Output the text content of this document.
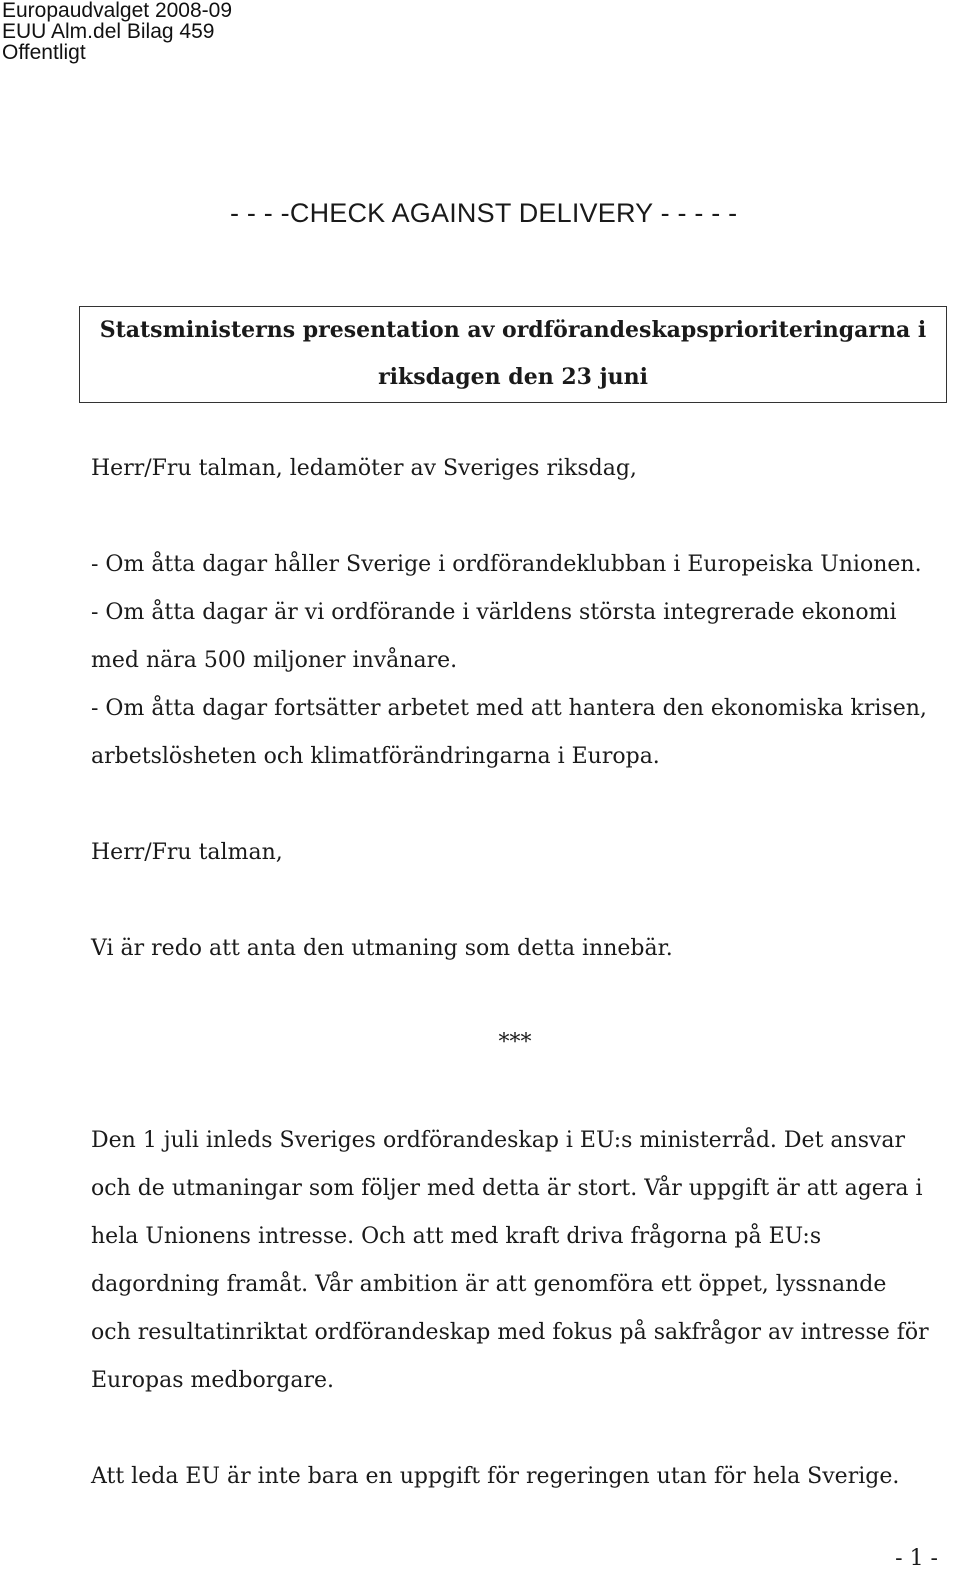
Europaudvalget 2008-09
EUU Alm.del Bilag 459
Offentligt
- - - -CHECK AGAINST DELIVERY - - - - -
Statsministerns presentation av ordförandeskapsprioriteringarna i
riksdagen den 23 juni
Herr/Fru talman, ledamöter av Sveriges riksdag,
- Om åtta dagar håller Sverige i ordförandeklubban i Europeiska Unionen.
- Om åtta dagar är vi ordförande i världens största integrerade ekonomi
med nära 500 miljoner invånare.
- Om åtta dagar fortsätter arbetet med att hantera den ekonomiska krisen,
arbetslösheten och klimatförändringarna i Europa.
Herr/Fru talman,
Vi är redo att anta den utmaning som detta innebär.
***
Den 1 juli inleds Sveriges ordförandeskap i EU:s ministerråd. Det ansvar
och de utmaningar som följer med detta är stort. Vår uppgift är att agera i
hela Unionens intresse. Och att med kraft driva frågorna på EU:s
dagordning framåt. Vår ambition är att genomföra ett öppet, lyssnande
och resultatinriktat ordförandeskap med fokus på sakfrågor av intresse för
Europas medborgare.
Att leda EU är inte bara en uppgift för regeringen utan för hela Sverige.
- 1 -
